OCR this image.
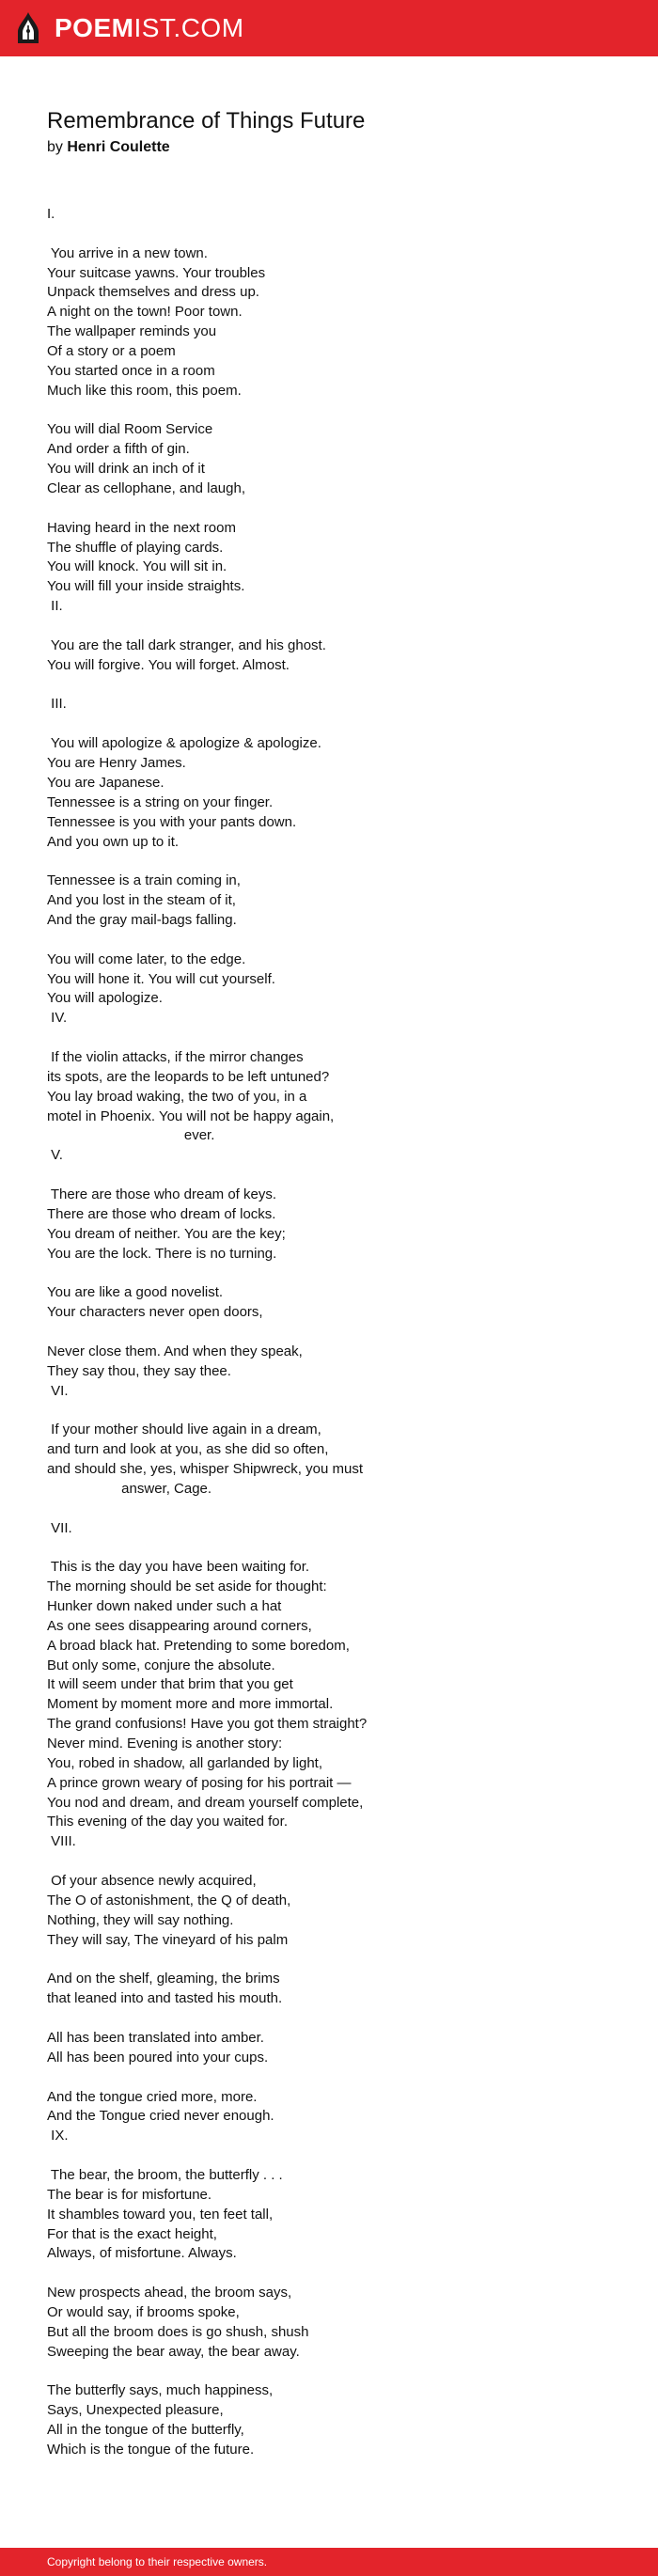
POEMIST.COM
Remembrance of Things Future

by Henri Coulette

I.
You arrive in a new town.
Your suitcase yawns. Your troubles
Unpack themselves and dress up.
A night on the town! Poor town.
The wallpaper reminds you
Of a story or a poem
You started once in a room
Much like this room, this poem.
You will dial Room Service
And order a fifth of gin.
You will drink an inch of it
Clear as cellophane, and laugh,
Having heard in the next room
The shuffle of playing cards.
You will knock. You will sit in.
You will fill your inside straights.
II.
You are the tall dark stranger, and his ghost.
You will forgive. You will forget. Almost.
III.
You will apologize & apologize & apologize.
You are Henry James.
You are Japanese.
Tennessee is a string on your finger.
Tennessee is you with your pants down.
And you own up to it.
Tennessee is a train coming in,
And you lost in the steam of it,
And the gray mail-bags falling.
You will come later, to the edge.
You will hone it. You will cut yourself.
You will apologize.
IV.
If the violin attacks, if the mirror changes
its spots, are the leopards to be left untuned?
You lay broad waking, the two of you, in a
motel in Phoenix. You will not be happy again,
ever.
V.
There are those who dream of keys.
There are those who dream of locks.
You dream of neither. You are the key;
You are the lock. There is no turning.
You are like a good novelist.
Your characters never open doors,
Never close them. And when they speak,
They say thou, they say thee.
VI.
If your mother should live again in a dream,
and turn and look at you, as she did so often,
and should she, yes, whisper Shipwreck, you must
answer, Cage.
VII.
This is the day you have been waiting for.
The morning should be set aside for thought:
Hunker down naked under such a hat
As one sees disappearing around corners,
A broad black hat. Pretending to some boredom,
But only some, conjure the absolute.
It will seem under that brim that you get
Moment by moment more and more immortal.
The grand confusions! Have you got them straight?
Never mind. Evening is another story:
You, robed in shadow, all garlanded by light,
A prince grown weary of posing for his portrait —
You nod and dream, and dream yourself complete,
This evening of the day you waited for.
VIII.
Of your absence newly acquired,
The O of astonishment, the Q of death,
Nothing, they will say nothing.
They will say, The vineyard of his palm
And on the shelf, gleaming, the brims
that leaned into and tasted his mouth.
All has been translated into amber.
All has been poured into your cups.
And the tongue cried more, more.
And the Tongue cried never enough.
IX.
The bear, the broom, the butterfly . . .
The bear is for misfortune.
It shambles toward you, ten feet tall,
For that is the exact height,
Always, of misfortune. Always.
New prospects ahead, the broom says,
Or would say, if brooms spoke,
But all the broom does is go shush, shush
Sweeping the bear away, the bear away.
The butterfly says, much happiness,
Says, Unexpected pleasure,
All in the tongue of the butterfly,
Which is the tongue of the future.
Copyright belong to their respective owners.
